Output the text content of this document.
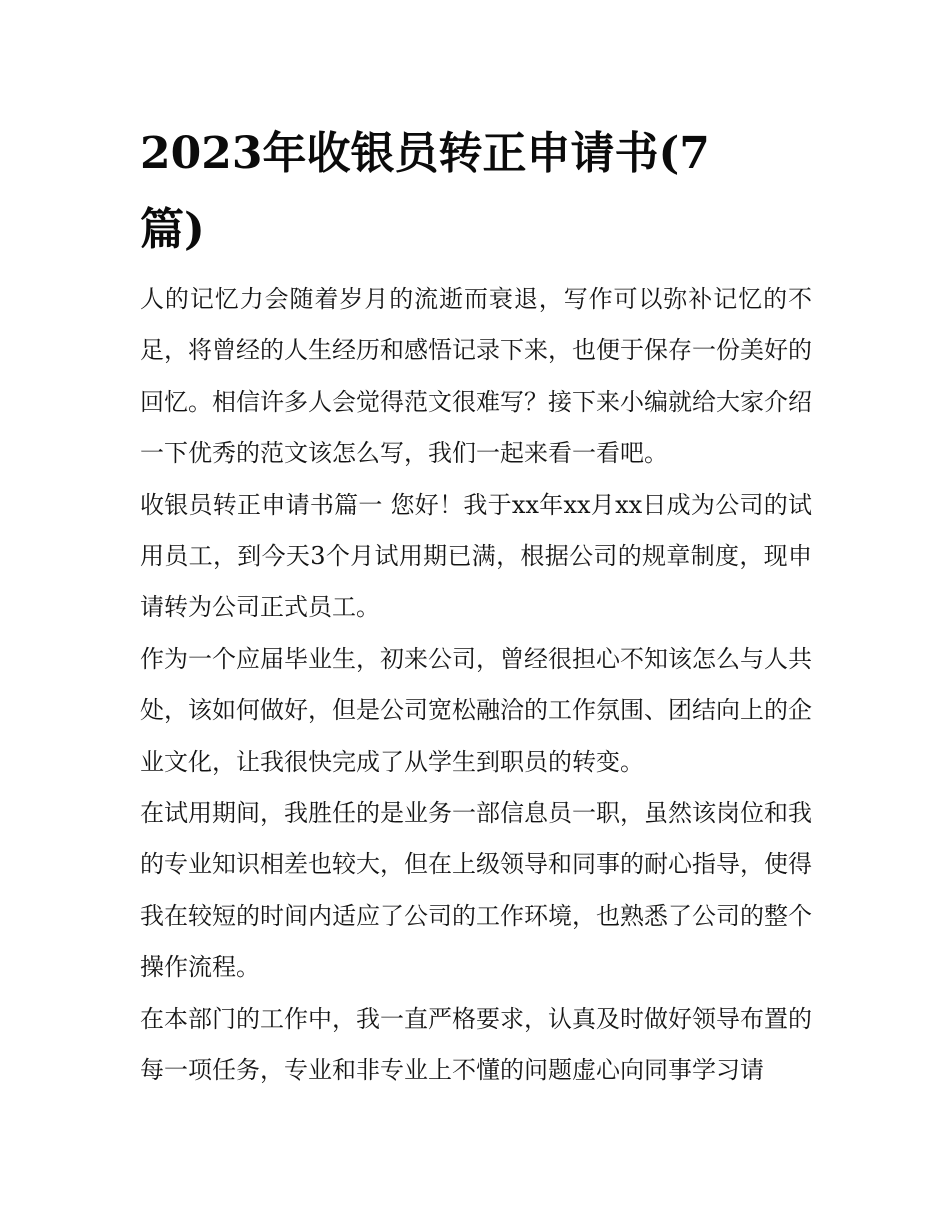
2023年收银员转正申请书(7篇)

人的记忆力会随着岁月的流逝而衰退，写作可以弥补记忆的不足，将曾经的人生经历和感悟记录下来，也便于保存一份美好的回忆。相信许多人会觉得范文很难写？接下来小编就给大家介绍一下优秀的范文该怎么写，我们一起来看一看吧。

收银员转正申请书篇一 您好！我于xx年xx月xx日成为公司的试用员工，到今天3个月试用期已满，根据公司的规章制度，现申请转为公司正式员工。

作为一个应届毕业生，初来公司，曾经很担心不知该怎么与人共处，该如何做好，但是公司宽松融洽的工作氛围、团结向上的企业文化，让我很快完成了从学生到职员的转变。

在试用期间，我胜任的是业务一部信息员一职，虽然该岗位和我的专业知识相差也较大，但在上级领导和同事的耐心指导，使得我在较短的时间内适应了公司的工作环境，也熟悉了公司的整个操作流程。

在本部门的工作中，我一直严格要求，认真及时做好领导布置的每一项任务，专业和非专业上不懂的问题虚心向同事学习请
